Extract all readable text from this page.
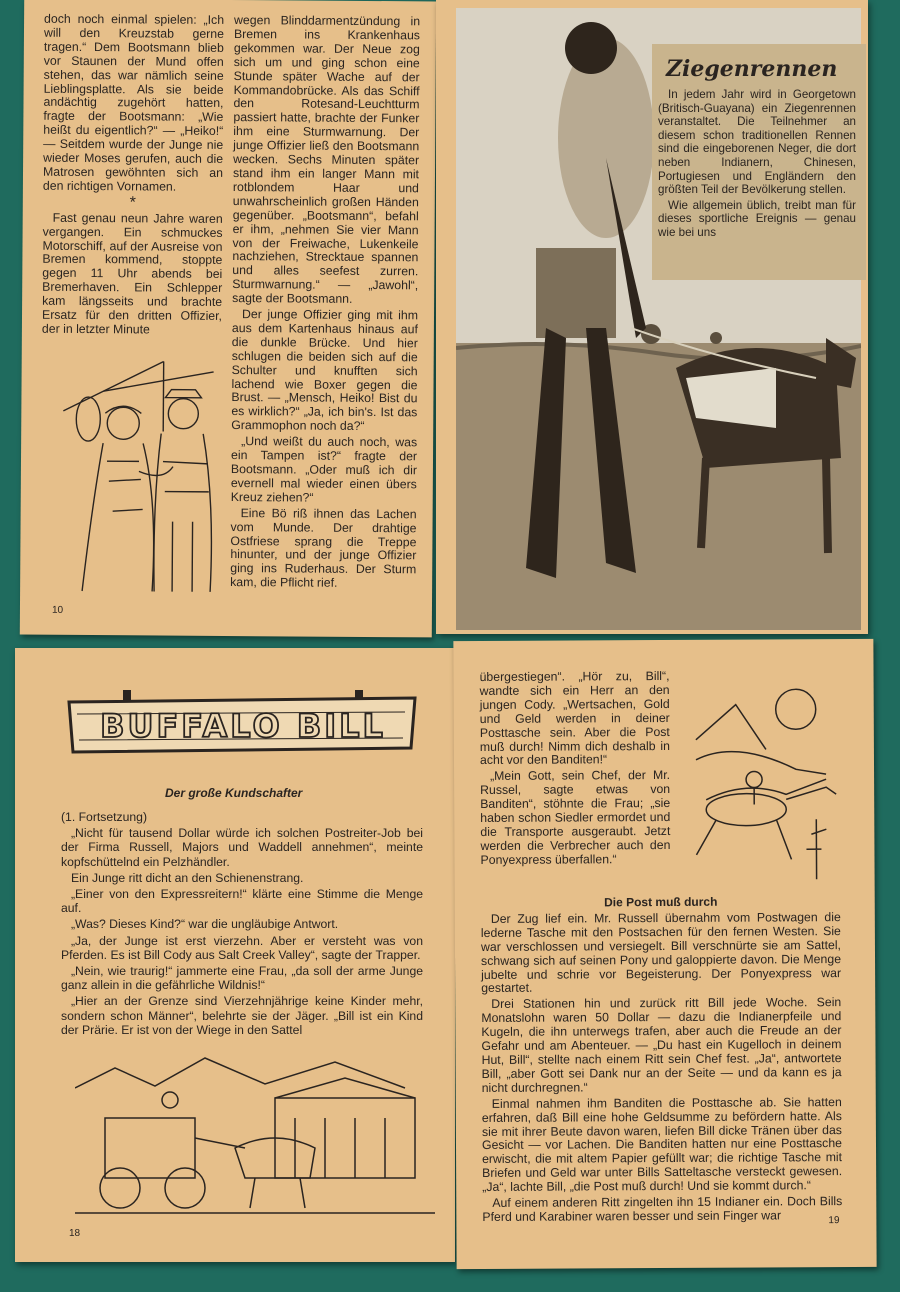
doch noch einmal spielen: „Ich will den Kreuzstab gerne tragen.“ Dem Bootsmann blieb vor Staunen der Mund offen stehen, das war nämlich seine Lieblingsplatte. Als sie beide andächtig zugehört hatten, fragte der Bootsmann: „Wie heißt du eigentlich?“ — „Heiko!“ — Seitdem wurde der Junge nie wieder Moses gerufen, auch die Matrosen gewöhnten sich an den richtigen Vornamen.

*

Fast genau neun Jahre waren vergangen. Ein schmuckes Motorschiff, auf der Ausreise von Bremen kommend, stoppte gegen 11 Uhr abends bei Bremerhaven. Ein Schlepper kam längsseits und brachte Ersatz für den dritten Offizier, der in letzter Minute

wegen Blinddarmentzündung in Bremen ins Krankenhaus gekommen war. Der Neue zog sich um und ging schon eine Stunde später Wache auf der Kommandobrücke. Als das Schiff den Rotesand-Leuchtturm passiert hatte, brachte der Funker ihm eine Sturmwarnung. Der junge Offizier ließ den Bootsmann wecken. Sechs Minuten später stand ihm ein langer Mann mit rotblondem Haar und unwahrscheinlich großen Händen gegenüber. „Bootsmann“, befahl er ihm, „nehmen Sie vier Mann von der Freiwache, Lukenkeile nachziehen, Strecktaue spannen und alles seefest zurren. Sturmwarnung.“ — „Jawohl“, sagte der Bootsmann.

Der junge Offizier ging mit ihm aus dem Kartenhaus hinaus auf die dunkle Brücke. Und hier schlugen die beiden sich auf die Schulter und knufften sich lachend wie Boxer gegen die Brust. — „Mensch, Heiko! Bist du es wirklich?“ „Ja, ich bin's. Ist das Grammophon noch da?“

„Und weißt du auch noch, was ein Tampen ist?“ fragte der Bootsmann. „Oder muß ich dir evernell mal wieder einen übers Kreuz ziehen?“

Eine Bö riß ihnen das Lachen vom Munde. Der drahtige Ostfriese sprang die Treppe hinunter, und der junge Offizier ging ins Ruderhaus. Der Sturm kam, die Pflicht rief.

10
Ziegenrennen

In jedem Jahr wird in Georgetown (Britisch-Guayana) ein Ziegenrennen veranstaltet. Die Teilnehmer an diesem schon traditionellen Rennen sind die eingeborenen Neger, die dort neben Indianern, Chinesen, Portugiesen und Engländern den größten Teil der Bevölkerung stellen.

Wie allgemein üblich, treibt man für dieses sportliche Ereignis — genau wie bei uns

BUFFALO BILL
Der große Kundschafter

(1. Fortsetzung)

„Nicht für tausend Dollar würde ich solchen Postreiter-Job bei der Firma Russell, Majors und Waddell annehmen“, meinte kopfschüttelnd ein Pelzhändler.

Ein Junge ritt dicht an den Schienenstrang.

„Einer von den Expressreitern!“ klärte eine Stimme die Menge auf.

„Was? Dieses Kind?“ war die ungläubige Antwort.

„Ja, der Junge ist erst vierzehn. Aber er versteht was von Pferden. Es ist Bill Cody aus Salt Creek Valley“, sagte der Trapper.

„Nein, wie traurig!“ jammerte eine Frau, „da soll der arme Junge ganz allein in die gefährliche Wildnis!“

„Hier an der Grenze sind Vierzehnjährige keine Kinder mehr, sondern schon Männer“, belehrte sie der Jäger. „Bill ist ein Kind der Prärie. Er ist von der Wiege in den Sattel

18

übergestiegen“. „Hör zu, Bill“, wandte sich ein Herr an den jungen Cody. „Wertsachen, Gold und Geld werden in deiner Posttasche sein. Aber die Post muß durch! Nimm dich deshalb in acht vor den Banditen!“

„Mein Gott, sein Chef, der Mr. Russel, sagte etwas von Banditen“, stöhnte die Frau; „sie haben schon Siedler ermordet und die Transporte ausgeraubt. Jetzt werden die Verbrecher auch den Ponyexpress überfallen.“

Die Post muß durch

Der Zug lief ein. Mr. Russell übernahm vom Postwagen die lederne Tasche mit den Postsachen für den fernen Westen. Sie war verschlossen und versiegelt. Bill verschnürte sie am Sattel, schwang sich auf seinen Pony und galoppierte davon. Die Menge jubelte und schrie vor Begeisterung. Der Ponyexpress war gestartet.

Drei Stationen hin und zurück ritt Bill jede Woche. Sein Monatslohn waren 50 Dollar — dazu die Indianerpfeile und Kugeln, die ihn unterwegs trafen, aber auch die Freude an der Gefahr und am Abenteuer. — „Du hast ein Kugelloch in deinem Hut, Bill“, stellte nach einem Ritt sein Chef fest. „Ja“, antwortete Bill, „aber Gott sei Dank nur an der Seite — und da kann es ja nicht durchregnen.“

Einmal nahmen ihm Banditen die Posttasche ab. Sie hatten erfahren, daß Bill eine hohe Geldsumme zu befördern hatte. Als sie mit ihrer Beute davon waren, liefen Bill dicke Tränen über das Gesicht — vor Lachen. Die Banditen hatten nur eine Posttasche erwischt, die mit altem Papier gefüllt war; die richtige Tasche mit Briefen und Geld war unter Bills Satteltasche versteckt gewesen. „Ja“, lachte Bill, „die Post muß durch! Und sie kommt durch.“

Auf einem anderen Ritt zingelten ihn 15 Indianer ein. Doch Bills Pferd und Karabiner waren besser und sein Finger war	19
